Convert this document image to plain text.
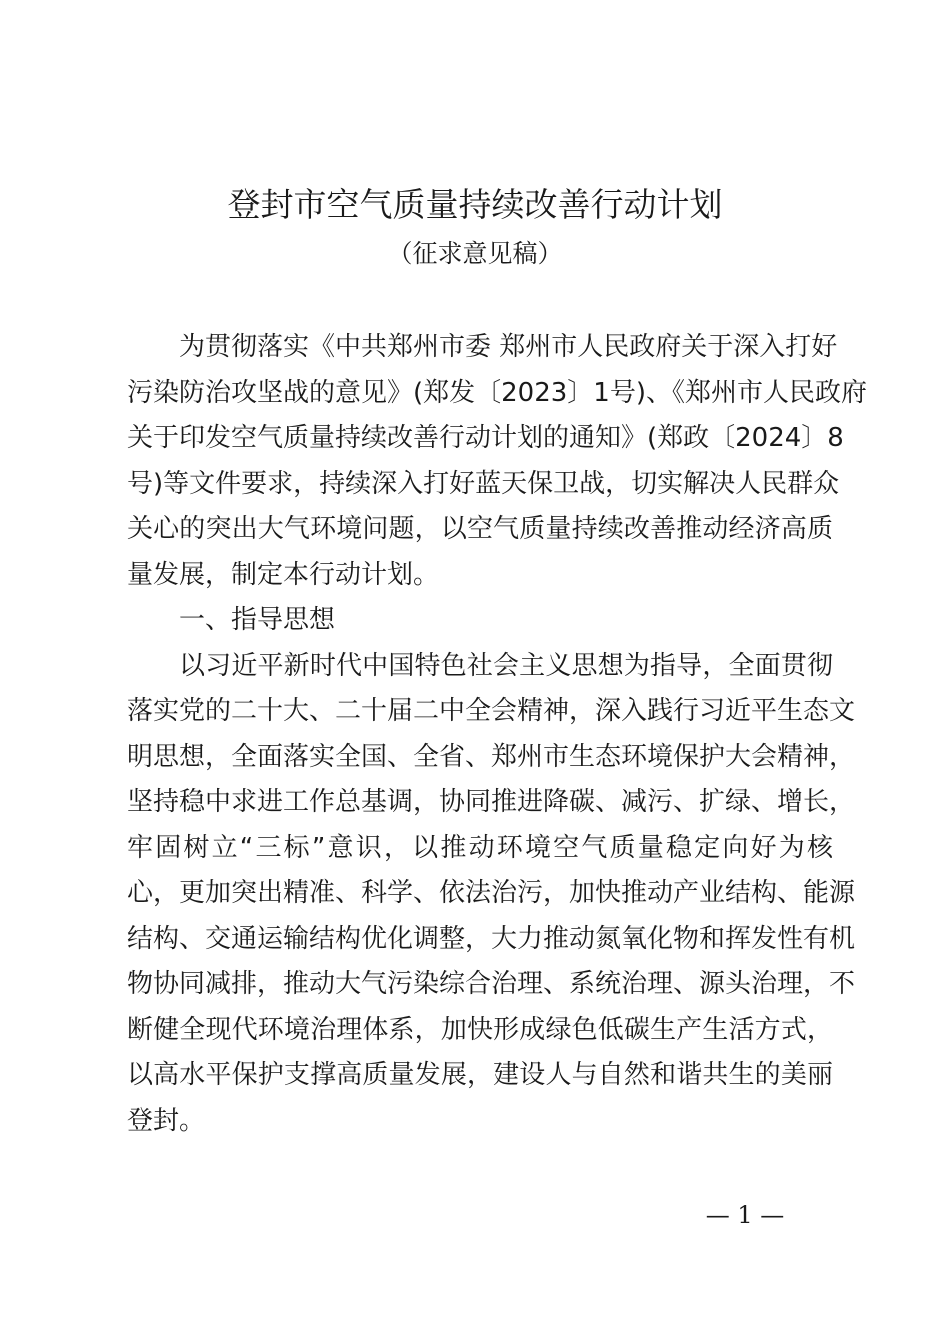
登封市空气质量持续改善行动计划
（征求意见稿）
为贯彻落实《中共郑州市委 郑州市人民政府关于深入打好
污染防治攻坚战的意见》(郑发〔2023〕1号)、《郑州市人民政府
关于印发空气质量持续改善行动计划的通知》(郑政〔2024〕8
号)等文件要求，持续深入打好蓝天保卫战，切实解决人民群众
关心的突出大气环境问题，以空气质量持续改善推动经济高质
量发展，制定本行动计划。
一、指导思想
以习近平新时代中国特色社会主义思想为指导，全面贯彻
落实党的二十大、二十届二中全会精神，深入践行习近平生态文
明思想，全面落实全国、全省、郑州市生态环境保护大会精神，
坚持稳中求进工作总基调，协同推进降碳、减污、扩绿、增长，
牢固树立“三标”意识，以推动环境空气质量稳定向好为核
心，更加突出精准、科学、依法治污，加快推动产业结构、能源
结构、交通运输结构优化调整，大力推动氮氧化物和挥发性有机
物协同减排，推动大气污染综合治理、系统治理、源头治理，不
断健全现代环境治理体系，加快形成绿色低碳生产生活方式，
以高水平保护支撑高质量发展，建设人与自然和谐共生的美丽
登封。
— 1 —
